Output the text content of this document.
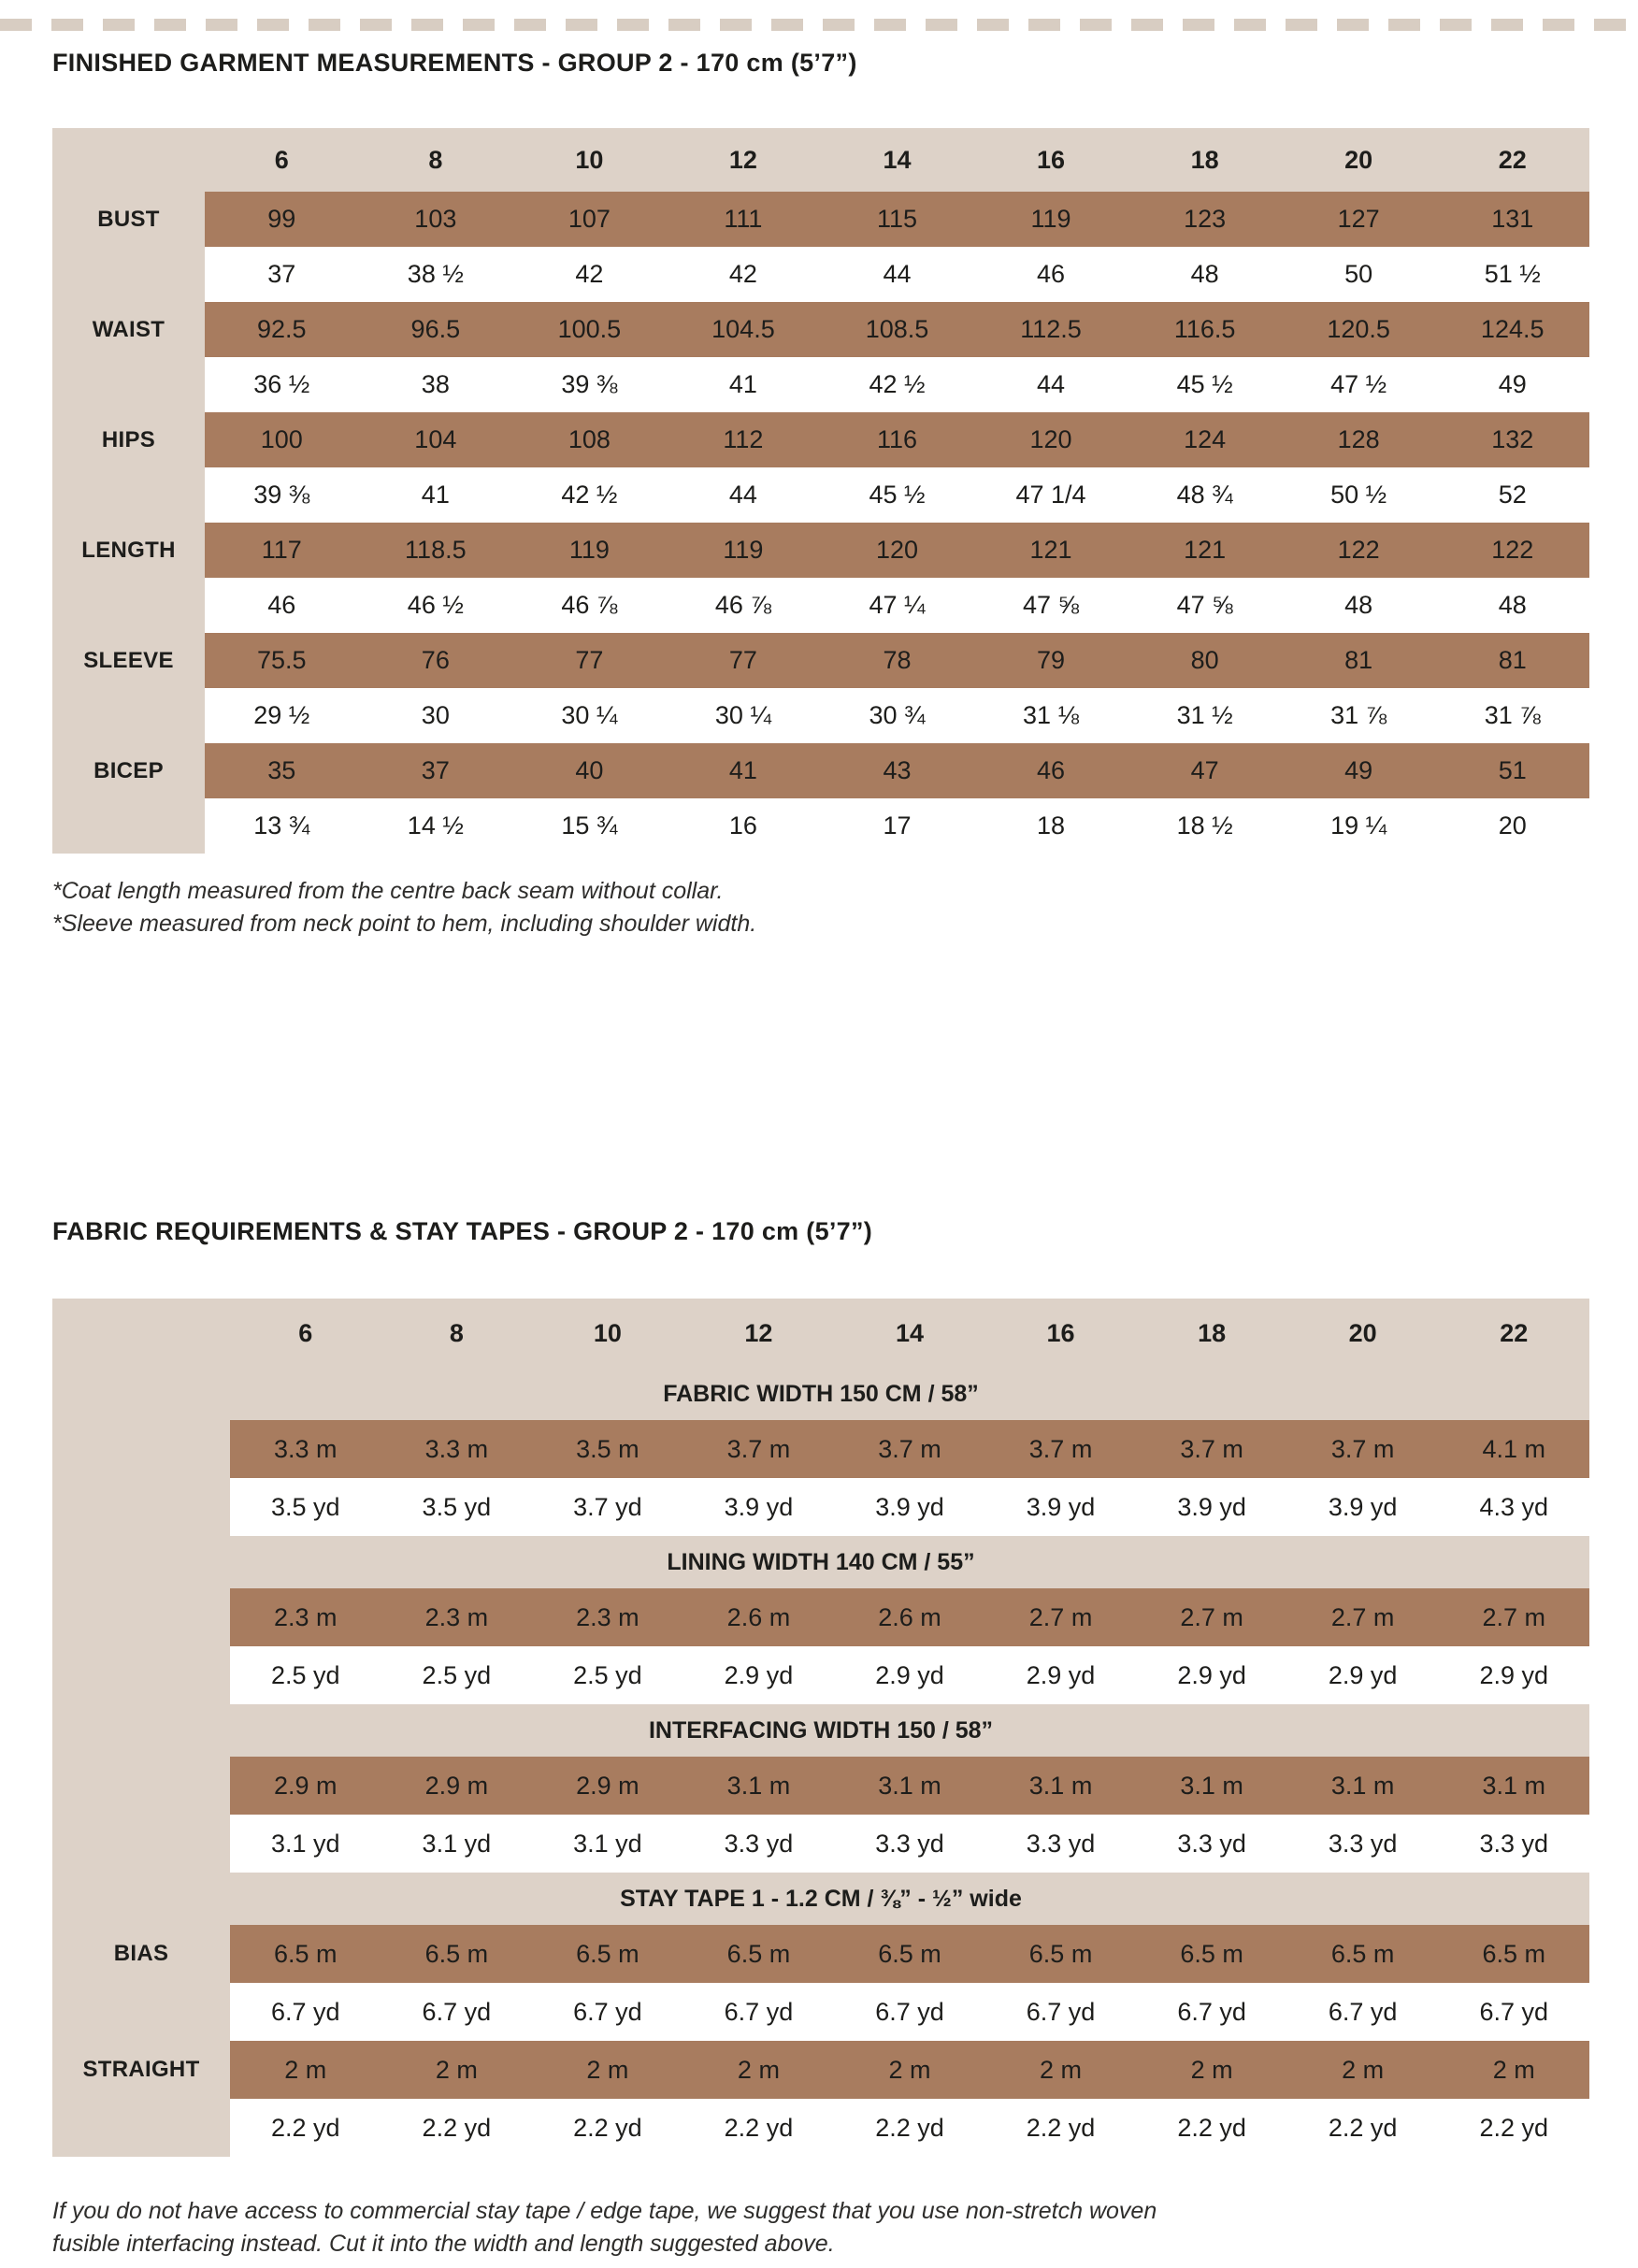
FINISHED GARMENT MEASUREMENTS - GROUP 2 - 170 cm (5’7”)
6	8	10	12	14	16	18	20	22
BUST	99	103	107	111	115	119	123	127	131
37	38 ½	42	42	44	46	48	50	51 ½
WAIST	92.5	96.5	100.5	104.5	108.5	112.5	116.5	120.5	124.5
36 ½	38	39 ⅜	41	42 ½	44	45 ½	47 ½	49
HIPS	100	104	108	112	116	120	124	128	132
39 ⅜	41	42 ½	44	45 ½	47 1/4	48 ¾	50 ½	52
LENGTH	117	118.5	119	119	120	121	121	122	122
46	46 ½	46 ⅞	46 ⅞	47 ¼	47 ⅝	47 ⅝	48	48
SLEEVE	75.5	76	77	77	78	79	80	81	81
29 ½	30	30 ¼	30 ¼	30 ¾	31 ⅛	31 ½	31 ⅞	31 ⅞
BICEP	35	37	40	41	43	46	47	49	51
13 ¾	14 ½	15 ¾	16	17	18	18 ½	19 ¼	20

*Coat length measured from the centre back seam without collar.

*Sleeve measured from neck point to hem, including shoulder width.

FABRIC REQUIREMENTS & STAY TAPES - GROUP 2 - 170 cm (5’7”)
6	8	10	12	14	16	18	20	22
FABRIC WIDTH 150 CM / 58”
3.3 m	3.3 m	3.5 m	3.7 m	3.7 m	3.7 m	3.7 m	3.7 m	4.1 m
3.5 yd	3.5 yd	3.7 yd	3.9 yd	3.9 yd	3.9 yd	3.9 yd	3.9 yd	4.3 yd
LINING WIDTH 140 CM / 55”
2.3 m	2.3 m	2.3 m	2.6 m	2.6 m	2.7 m	2.7 m	2.7 m	2.7 m
2.5 yd	2.5 yd	2.5 yd	2.9 yd	2.9 yd	2.9 yd	2.9 yd	2.9 yd	2.9 yd
INTERFACING WIDTH 150 / 58”
2.9 m	2.9 m	2.9 m	3.1 m	3.1 m	3.1 m	3.1 m	3.1 m	3.1 m
3.1 yd	3.1 yd	3.1 yd	3.3 yd	3.3 yd	3.3 yd	3.3 yd	3.3 yd	3.3 yd
STAY TAPE 1 - 1.2 CM / ⅜” - ½” wide
BIAS	6.5 m	6.5 m	6.5 m	6.5 m	6.5 m	6.5 m	6.5 m	6.5 m	6.5 m
6.7 yd	6.7 yd	6.7 yd	6.7 yd	6.7 yd	6.7 yd	6.7 yd	6.7 yd	6.7 yd
STRAIGHT	2 m	2 m	2 m	2 m	2 m	2 m	2 m	2 m	2 m
2.2 yd	2.2 yd	2.2 yd	2.2 yd	2.2 yd	2.2 yd	2.2 yd	2.2 yd	2.2 yd

If you do not have access to commercial stay tape / edge tape, we suggest that you use non-stretch woven

fusible interfacing instead. Cut it into the width and length suggested above.
